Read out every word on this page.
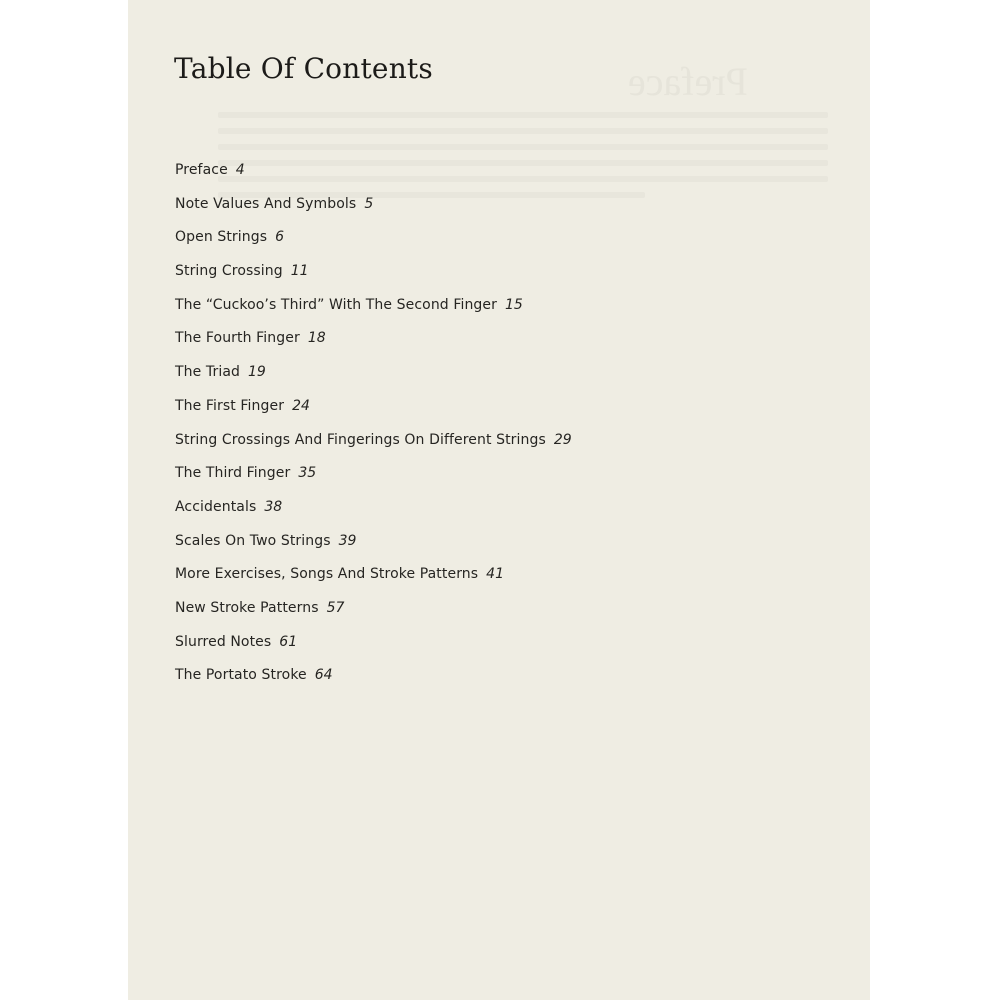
Preface
Table Of Contents
Preface 4
Note Values And Symbols 5
Open Strings 6
String Crossing 11
The “Cuckoo’s Third” With The Second Finger 15
The Fourth Finger 18
The Triad 19
The First Finger 24
String Crossings And Fingerings On Different Strings 29
The Third Finger 35
Accidentals 38
Scales On Two Strings 39
More Exercises, Songs And Stroke Patterns 41
New Stroke Patterns 57
Slurred Notes 61
The Portato Stroke 64
